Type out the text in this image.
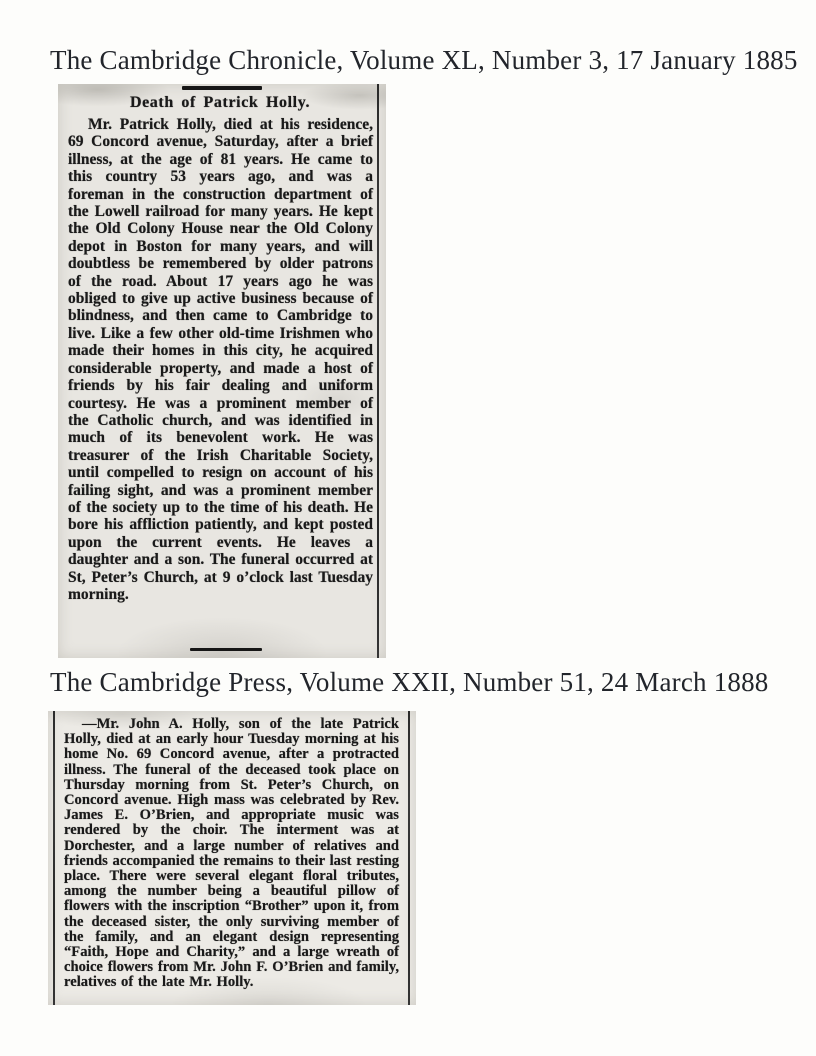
The Cambridge Chronicle, Volume XL, Number 3, 17 January 1885
Death of Patrick Holly.
Mr. Patrick Holly, died at his residence, 69 Concord avenue, Saturday, after a brief illness, at the age of 81 years. He came to this country 53 years ago, and was a foreman in the construction department of the Lowell railroad for many years. He kept the Old Colony House near the Old Colony depot in Boston for many years, and will doubtless be remembered by older patrons of the road. About 17 years ago he was obliged to give up active business because of blindness, and then came to Cambridge to live. Like a few other old-time Irishmen who made their homes in this city, he acquired considerable property, and made a host of friends by his fair dealing and uniform courtesy. He was a prominent member of the Catholic church, and was identified in much of its benevolent work. He was treasurer of the Irish Charitable Society, until compelled to resign on account of his failing sight, and was a prominent member of the society up to the time of his death. He bore his affliction patiently, and kept posted upon the current events. He leaves a daughter and a son. The funeral occurred at St, Peter’s Church, at 9 o’clock last Tuesday morning.
The Cambridge Press, Volume XXII, Number 51, 24 March 1888
—Mr. John A. Holly, son of the late Patrick Holly, died at an early hour Tuesday morning at his home No. 69 Concord avenue, after a protracted illness. The funeral of the deceased took place on Thursday morning from St. Peter’s Church, on Concord avenue. High mass was celebrated by Rev. James E. O’Brien, and appropriate music was rendered by the choir. The interment was at Dorchester, and a large number of relatives and friends accompanied the remains to their last resting place. There were several elegant floral tributes, among the number being a beautiful pillow of flowers with the inscription “Brother” upon it, from the deceased sister, the only surviving member of the family, and an elegant design representing “Faith, Hope and Charity,” and a large wreath of choice flowers from Mr. John F. O’Brien and family, relatives of the late Mr. Holly.
